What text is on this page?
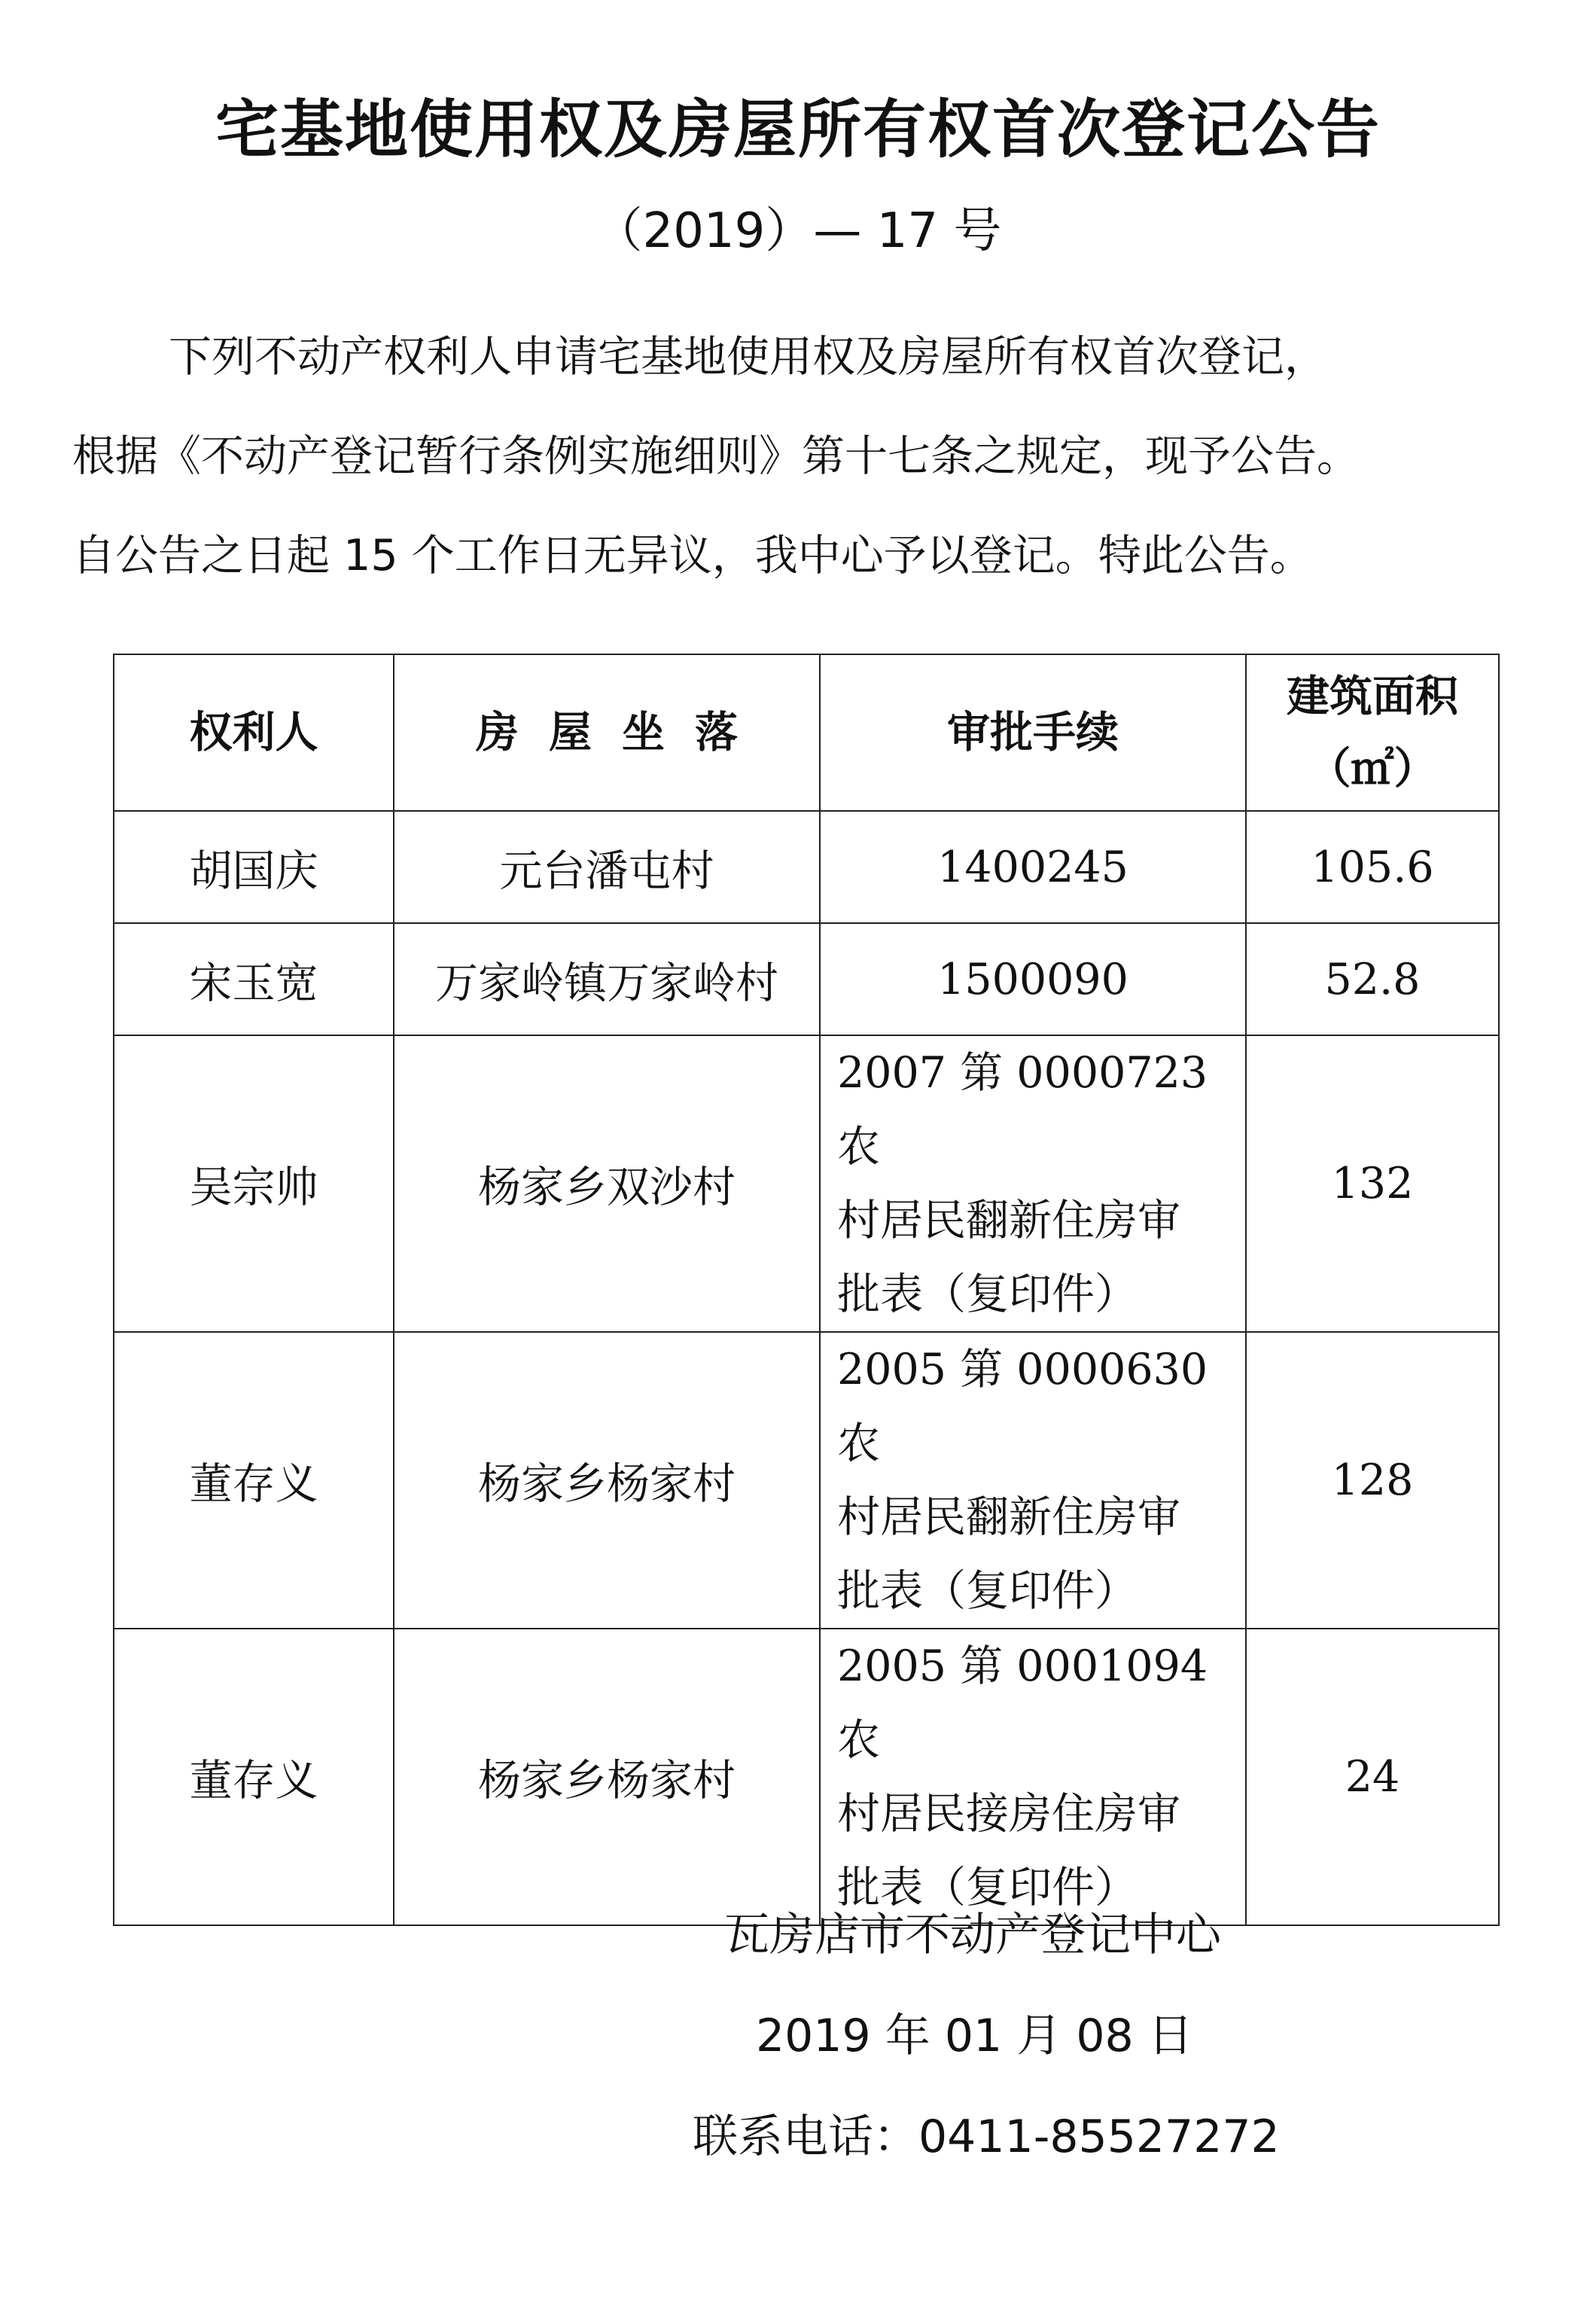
宅基地使用权及房屋所有权首次登记公告
（2019）— 17 号
下列不动产权利人申请宅基地使用权及房屋所有权首次登记，
根据《不动产登记暂行条例实施细则》第十七条之规定，现予公告。
自公告之日起 15 个工作日无异议，我中心予以登记。特此公告。
权利人	房屋坐落	审批手续	建筑面积
（㎡）

胡国庆	元台潘屯村	1400245	105.6
宋玉宽	万家岭镇万家岭村	1500090	52.8
吴宗帅	杨家乡双沙村	2007 第 0000723 农
村居民翻新住房审
批表（复印件）	132
董存义	杨家乡杨家村	2005 第 0000630 农
村居民翻新住房审
批表（复印件）	128
董存义	杨家乡杨家村	2005 第 0001094 农
村居民接房住房审
批表（复印件）	24
瓦房店市不动产登记中心
2019 年 01 月 08 日
联系电话：0411-85527272
